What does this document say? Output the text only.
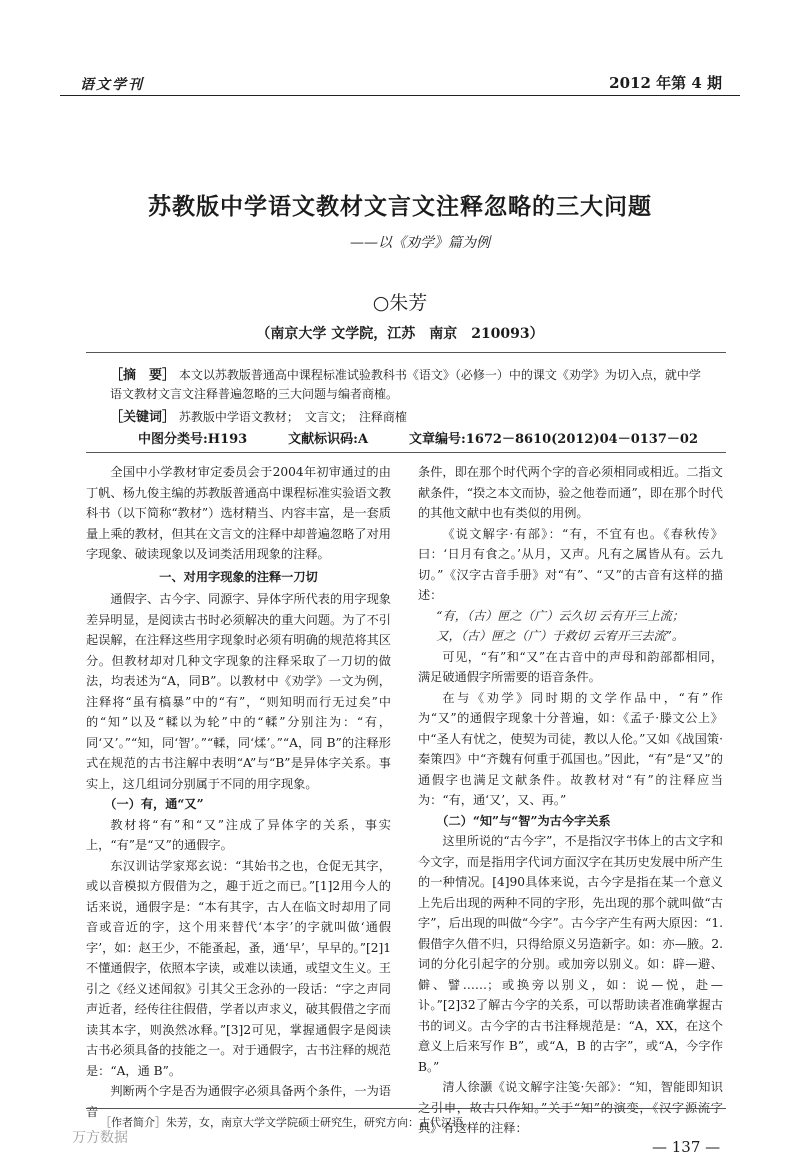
语文学刊	2012 年第 4 期
苏教版中学语文教材文言文注释忽略的三大问题
——以《劝学》篇为例
○朱芳
（南京大学 文学院，江苏　南京　210093）
［摘　要］ 本文以苏教版普通高中课程标准试验教科书《语文》（必修一）中的课文《劝学》为切入点，就中学语文教材文言文注释普遍忽略的三大问题与编者商榷。
［关键词］ 苏教版中学语文教材；　文言文；　注释商榷
中图分类号:H193	文献标识码:A	文章编号:1672－8610(2012)04－0137－02

全国中小学教材审定委员会于2004年初审通过的由丁帆、杨九俊主编的苏教版普通高中课程标准实验语文教科书（以下简称“教材”）选材精当、内容丰富，是一套质量上乘的教材，但其在文言文的注释中却普遍忽略了对用字现象、破读现象以及词类活用现象的注释。

一、对用字现象的注释一刀切

通假字、古今字、同源字、异体字所代表的用字现象差异明显，是阅读古书时必须解决的重大问题。为了不引起误解，在注释这些用字现象时必须有明确的规范将其区分。但教材却对几种文字现象的注释采取了一刀切的做法，均表述为“A，同B”。以教材中《劝学》一文为例，注释将“虽有槁暴”中的“有”，“则知明而行无过矣”中的“知”以及“輮以为轮”中的“輮”分别注为：“有，同‘又’。”“知，同‘智’。”“輮，同‘煣’。”“A，同 B”的注释形式在规范的古书注解中表明“A”与“B”是异体字关系。事实上，这几组词分别属于不同的用字现象。

（一）有，通“又”

教材将“有”和“又”注成了异体字的关系，事实上，“有”是“又”的通假字。

东汉训诂学家郑玄说：“其始书之也，仓促无其字，或以音模拟方假借为之，趣于近之而已。”[1]2用今人的话来说，通假字是：“本有其字，古人在临文时却用了同音或音近的字，这个用来替代‘本字’的字就叫做‘通假字’，如：赵王少，不能蚤起，蚤，通‘早’，早早的。”[2]1不懂通假字，依照本字读，或难以读通，或望文生义。王引之《经义述闻叙》引其父王念孙的一段话：“字之声同声近者，经传往往假借，学者以声求义，破其假借之字而读其本字，则涣然冰释。”[3]2可见，掌握通假字是阅读古书必须具备的技能之一。对于通假字，古书注释的规范是：“A，通 B”。

判断两个字是否为通假字必须具备两个条件，一为语音

条件，即在那个时代两个字的音必须相同或相近。二指文献条件，“揆之本文而协，验之他卷而通”，即在那个时代的其他文献中也有类似的用例。

《说文解字·有部》：“有，不宜有也。《春秋传》曰：‘日月有食之。’从月，又声。凡有之属皆从有。云九切。”《汉字古音手册》对“有”、“又”的古音有这样的描述：

“有，（古）匣之（广）云久切 云有开三上流；

又，（古）匣之（广）于救切 云宥开三去流”。

可见，“有”和“又”在古音中的声母和韵部都相同，满足破通假字所需要的语音条件。

在与《劝学》同时期的文学作品中，“有”作为“又”的通假字现象十分普遍，如：《孟子·滕文公上》中“圣人有忧之，使契为司徒，教以人伦。”又如《战国策·秦策四》中“齐魏有何重于孤国也。”因此，“有”是“又”的通假字也满足文献条件。故教材对“有”的注释应当为：“有，通‘又’，又、再。”

（二）“知”与“智”为古今字关系

这里所说的“古今字”，不是指汉字书体上的古文字和今文字，而是指用字代词方面汉字在其历史发展中所产生的一种情况。[4]90具体来说，古今字是指在某一个意义上先后出现的两种不同的字形，先出现的那个就叫做“古字”，后出现的叫做“今字”。古今字产生有两大原因：“1. 假借字久借不归，只得给原义另造新字。如：亦—腋。2. 词的分化引起字的分别。或加旁以别义。如：辟—避、僻、譬……；或换旁以别义，如：说—悦，赴—讣。”[2]32了解古今字的关系，可以帮助读者准确掌握古书的词义。古今字的古书注释规范是：“A，XX，在这个意义上后来写作 B”，或“A，B 的古字”，或“A，今字作 B。”

清人徐灏《说文解字注笺·矢部》：“知，智能即知识之引申，故古只作知。”关于“知”的演变，《汉字源流字典》有这样的注释：

［作者简介］朱芳，女，南京大学文学院硕士研究生，研究方向：古代汉语。
— 137 —
万方数据
